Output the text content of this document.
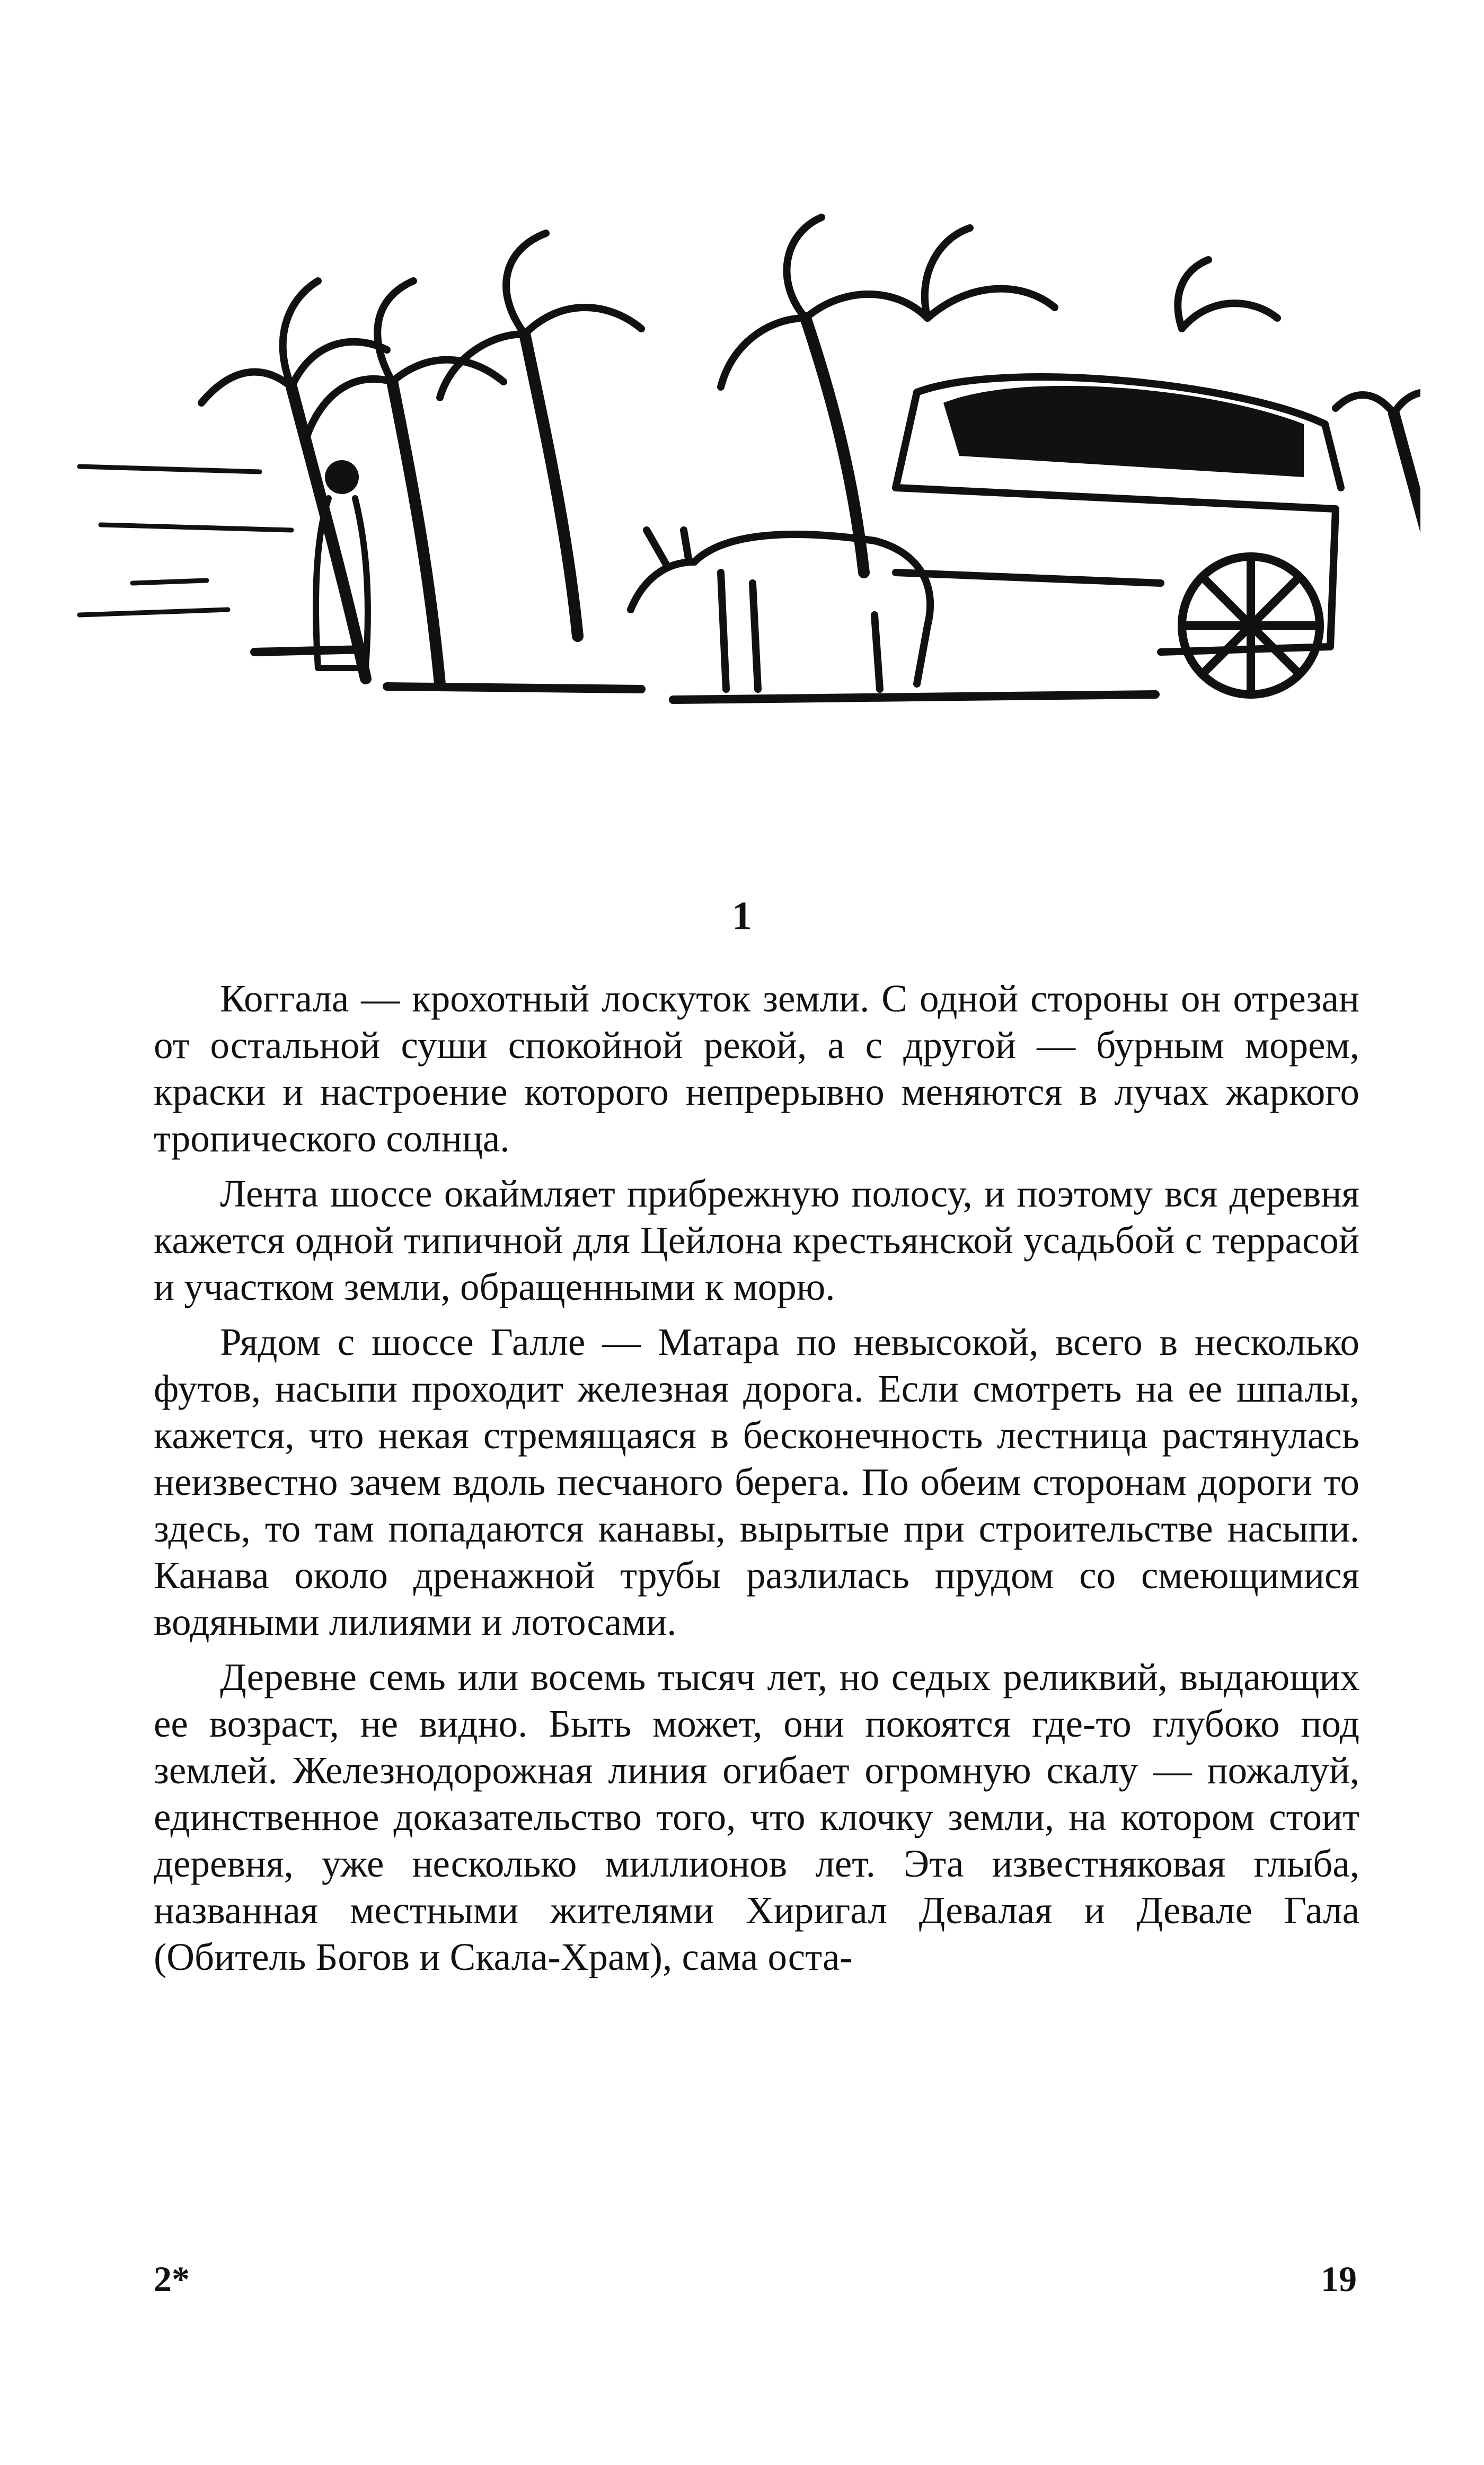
1

Коггала — крохотный лоскуток земли. С одной стороны он отрезан от остальной суши спокойной рекой, а с другой — бурным морем, краски и настроение которого непрерывно меняются в лучах жаркого тропического солнца.

Лента шоссе окаймляет прибрежную полосу, и поэтому вся деревня кажется одной типичной для Цейлона крестьянской усадьбой с террасой и участком земли, обращенными к морю.

Рядом с шоссе Галле — Матара по невысокой, всего в несколько футов, насыпи проходит железная дорога. Если смотреть на ее шпалы, кажется, что некая стремящаяся в бесконечность лестница растянулась неизвестно зачем вдоль песчаного берега. По обеим сторонам дороги то здесь, то там попадаются канавы, вырытые при строительстве насыпи. Канава около дренажной трубы разлилась прудом со смеющимися водяными лилиями и лотосами.

Деревне семь или восемь тысяч лет, но седых реликвий, выдающих ее возраст, не видно. Быть может, они покоятся где-то глубоко под землей. Железнодорожная линия огибает огромную скалу — пожалуй, единственное доказательство того, что клочку земли, на котором стоит деревня, уже несколько миллионов лет. Эта известняковая глыба, названная местными жителями Хиригал Девалая и Девале Гала (Обитель Богов и Скала-Храм), сама оста-

2*	19
